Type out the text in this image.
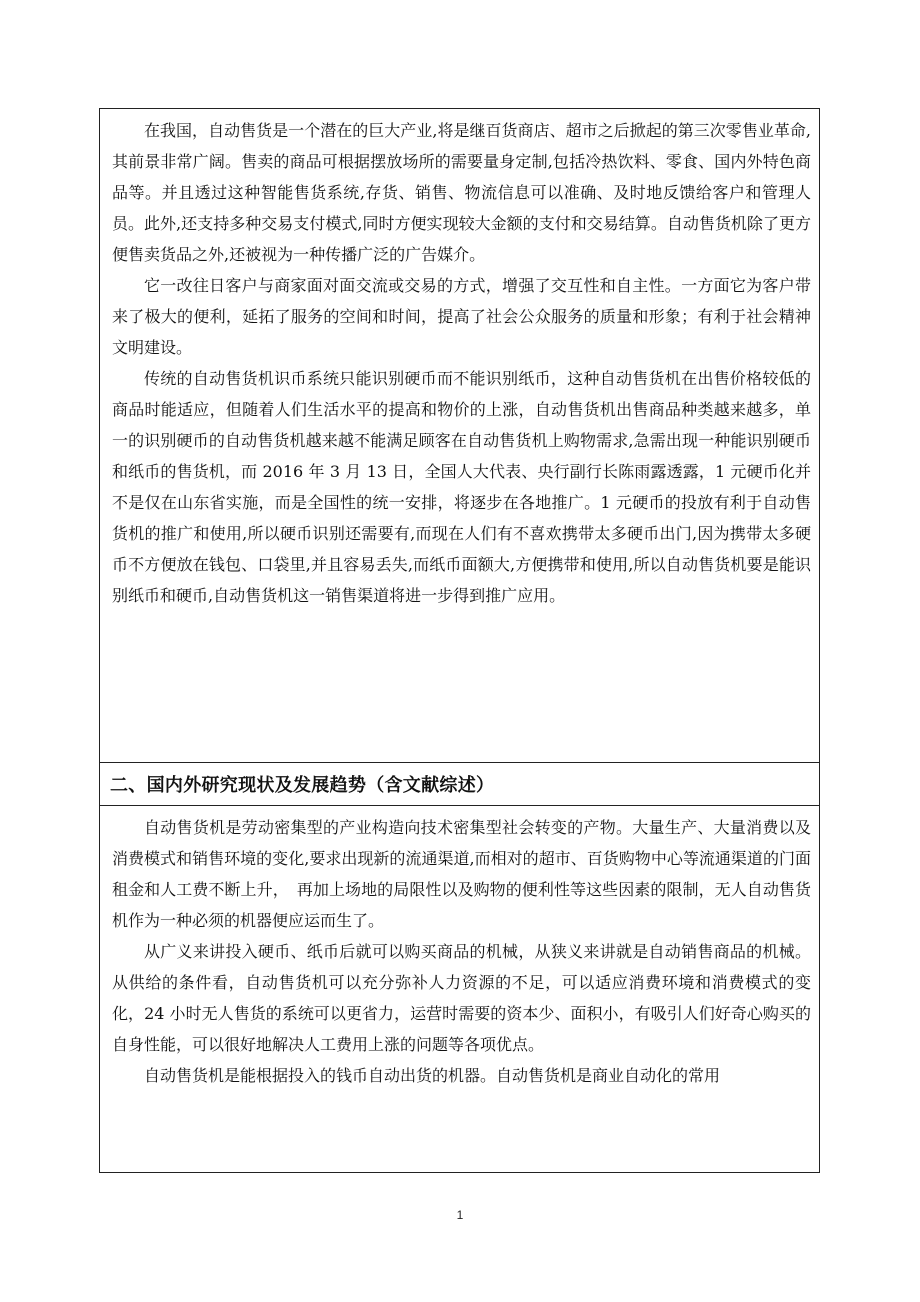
在我国，自动售货是一个潜在的巨大产业,将是继百货商店、超市之后掀起的第三次零售业革命,其前景非常广阔。售卖的商品可根据摆放场所的需要量身定制,包括冷热饮料、零食、国内外特色商品等。并且透过这种智能售货系统,存货、销售、物流信息可以准确、及时地反馈给客户和管理人员。此外,还支持多种交易支付模式,同时方便实现较大金额的支付和交易结算。自动售货机除了更方便售卖货品之外,还被视为一种传播广泛的广告媒介。

它一改往日客户与商家面对面交流或交易的方式，增强了交互性和自主性。一方面它为客户带来了极大的便利，延拓了服务的空间和时间，提高了社会公众服务的质量和形象；有利于社会精神文明建设。

传统的自动售货机识币系统只能识别硬币而不能识别纸币，这种自动售货机在出售价格较低的商品时能适应，但随着人们生活水平的提高和物价的上涨，自动售货机出售商品种类越来越多，单一的识别硬币的自动售货机越来越不能满足顾客在自动售货机上购物需求,急需出现一种能识别硬币和纸币的售货机，而 2016 年 3 月 13 日，全国人大代表、央行副行长陈雨露透露，1 元硬币化并不是仅在山东省实施，而是全国性的统一安排，将逐步在各地推广。1 元硬币的投放有利于自动售货机的推广和使用,所以硬币识别还需要有,而现在人们有不喜欢携带太多硬币出门,因为携带太多硬币不方便放在钱包、口袋里,并且容易丢失,而纸币面额大,方便携带和使用,所以自动售货机要是能识别纸币和硬币,自动售货机这一销售渠道将进一步得到推广应用。

二、国内外研究现状及发展趋势（含文献综述）

自动售货机是劳动密集型的产业构造向技术密集型社会转变的产物。大量生产、大量消费以及消费模式和销售环境的变化,要求出现新的流通渠道,而相对的超市、百货购物中心等流通渠道的门面租金和人工费不断上升，　再加上场地的局限性以及购物的便利性等这些因素的限制，无人自动售货机作为一种必须的机器便应运而生了。

从广义来讲投入硬币、纸币后就可以购买商品的机械，从狭义来讲就是自动销售商品的机械。从供给的条件看，自动售货机可以充分弥补人力资源的不足，可以适应消费环境和消费模式的变化，24 小时无人售货的系统可以更省力，运营时需要的资本少、面积小，有吸引人们好奇心购买的自身性能，可以很好地解决人工费用上涨的问题等各项优点。

自动售货机是能根据投入的钱币自动出货的机器。自动售货机是商业自动化的常用

1
